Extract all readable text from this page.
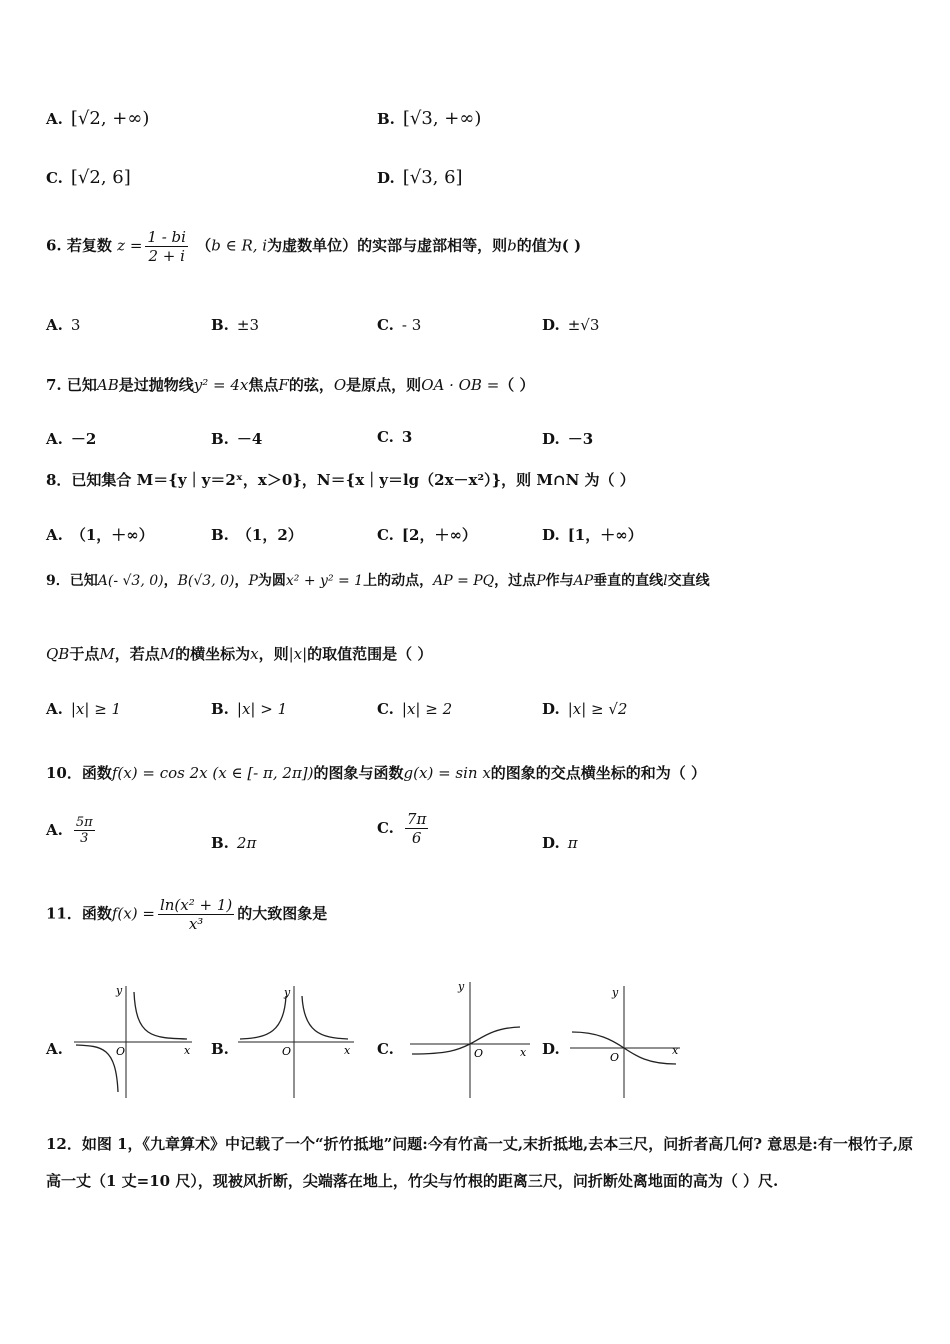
A. [√2, +∞)	B. [√3, +∞)
C. [√2, 6]	D. [√3, 6]
6. 若复数 $z = \frac{1 - bi}{2 + i} (b$ ∈ R, i为虚数单位）的实部与虚部相等，则b的值为( )
A. 3	B. ±3	C. - 3	D. ±√3
7. 已知AB是过抛物线y² = 4x焦点F的弦，O是原点，则OA · OB =（ ）
A. －2	B. －4	C. 3	D. －3
8．已知集合 M＝{y｜y＝2ˣ，x＞0}，N＝{x｜y＝lg（2x－x²）}，则 M∩N 为（ ）
A. （1，＋∞）	B. （1，2）	C. [2，＋∞）	D. [1，＋∞）
9．已知A(- √3, 0)，B(√3, 0)，P为圆x² + y² = 1上的动点，AP = PQ，过点P作与AP垂直的直线l交直线
QB于点M，若点M的横坐标为x，则|x|的取值范围是（ ）
A. |x| ≥ 1	B. |x| > 1	C. |x| ≥ 2	D. |x| ≥ √2
10．函数f(x) = cos 2x (x ∈ [- π, 2π])的图象与函数g(x) = sin x的图象的交点横坐标的和为（ ）
A. $\frac{5\pi}{3}$	B. 2π
C. $\frac{7\pi}{6}$	D. π
11．函数$f(x) = \frac{\text{ln(x² + 1)}}{\text{x³}}$ 的大致图象是
A.	B.	C.	D.
y
x
O
y
x
O
y
x
O
y
x
O
12．如图 1，《九章算术》中记载了一个“折竹抵地”问题:今有竹高一丈,末折抵地,去本三尺，问折者高几何? 意思是:有一根竹子,原高一丈（1 丈=10 尺），现被风折断，尖端落在地上，竹尖与竹根的距离三尺，问折断处离地面的高为（ ）尺.
